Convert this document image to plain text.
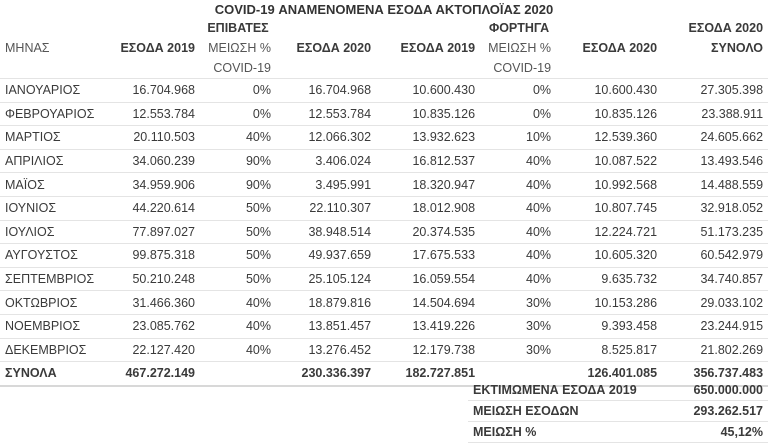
COVID-19 ΑΝΑΜΕΝΟΜΕΝΑ ΕΣΟΔΑ ΑΚΤΟΠΛΟΪΑΣ 2020
	ΕΠΙΒΑΤΕΣ			ΦΟΡΤΗΓΑ			ΕΣΟΔΑ 2020
ΜΗΝΑΣ	ΕΣΟΔΑ 2019	ΜΕΙΩΣΗ %	ΕΣΟΔΑ 2020	ΕΣΟΔΑ 2019	ΜΕΙΩΣΗ %	ΕΣΟΔΑ 2020	ΣΥΝΟΛΟ
		COVID-19			COVID-19		
ΙΑΝΟΥΑΡΙΟΣ	16.704.968	0%	16.704.968	10.600.430	0%	10.600.430	27.305.398
ΦΕΒΡΟΥΑΡΙΟΣ	12.553.784	0%	12.553.784	10.835.126	0%	10.835.126	23.388.911
ΜΑΡΤΙΟΣ	20.110.503	40%	12.066.302	13.932.623	10%	12.539.360	24.605.662
ΑΠΡΙΛΙΟΣ	34.060.239	90%	3.406.024	16.812.537	40%	10.087.522	13.493.546
ΜΑΪΟΣ	34.959.906	90%	3.495.991	18.320.947	40%	10.992.568	14.488.559
ΙΟΥΝΙΟΣ	44.220.614	50%	22.110.307	18.012.908	40%	10.807.745	32.918.052
ΙΟΥΛΙΟΣ	77.897.027	50%	38.948.514	20.374.535	40%	12.224.721	51.173.235
ΑΥΓΟΥΣΤΟΣ	99.875.318	50%	49.937.659	17.675.533	40%	10.605.320	60.542.979
ΣΕΠΤΕΜΒΡΙΟΣ	50.210.248	50%	25.105.124	16.059.554	40%	9.635.732	34.740.857
ΟΚΤΩΒΡΙΟΣ	31.466.360	40%	18.879.816	14.504.694	30%	10.153.286	29.033.102
ΝΟΕΜΒΡΙΟΣ	23.085.762	40%	13.851.457	13.419.226	30%	9.393.458	23.244.915
ΔΕΚΕΜΒΡΙΟΣ	22.127.420	40%	13.276.452	12.179.738	30%	8.525.817	21.802.269
ΣΥΝΟΛΑ	467.272.149		230.336.397	182.727.851		126.401.085	356.737.483
ΕΚΤΙΜΩΜΕΝΑ ΕΣΟΔΑ 2019	650.000.000
ΜΕΙΩΣΗ ΕΣΟΔΩΝ	293.262.517
ΜΕΙΩΣΗ %	45,12%
